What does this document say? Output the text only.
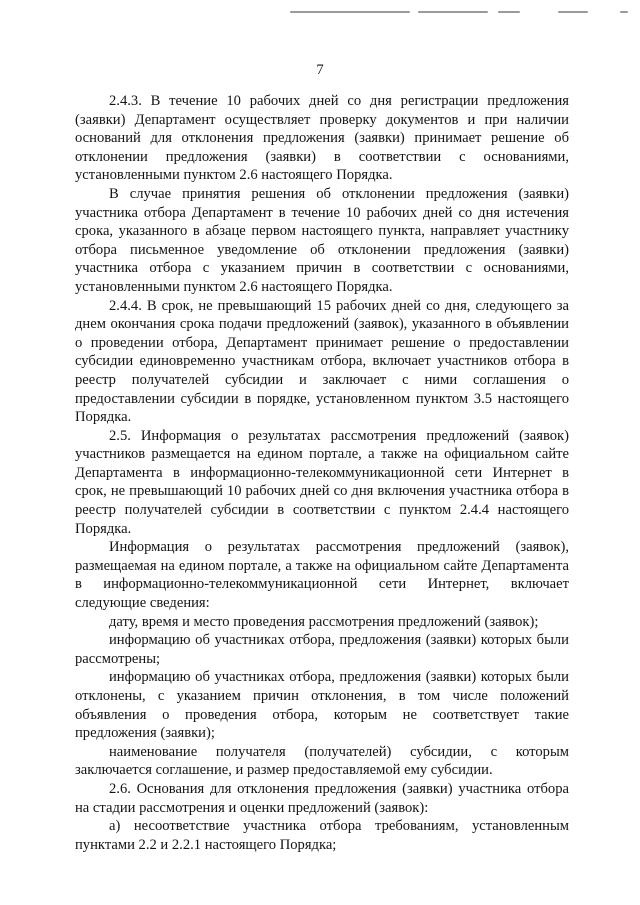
7

2.4.3. В течение 10 рабочих дней со дня регистрации предложения (заявки) Департамент осуществляет проверку документов и при наличии оснований для отклонения предложения (заявки) принимает решение об отклонении предложения (заявки) в соответствии с основаниями, установленными пунктом 2.6 настоящего Порядка.

В случае принятия решения об отклонении предложения (заявки) участника отбора Департамент в течение 10 рабочих дней со дня истечения срока, указанного в абзаце первом настоящего пункта, направляет участнику отбора письменное уведомление об отклонении предложения (заявки) участника отбора с указанием причин в соответствии с основаниями, установленными пунктом 2.6 настоящего Порядка.

2.4.4. В срок, не превышающий 15 рабочих дней со дня, следующего за днем окончания срока подачи предложений (заявок), указанного в объявлении о проведении отбора, Департамент принимает решение о предоставлении субсидии единовременно участникам отбора, включает участников отбора в реестр получателей субсидии и заключает с ними соглашения о предоставлении субсидии в порядке, установленном пунктом 3.5 настоящего Порядка.

2.5. Информация о результатах рассмотрения предложений (заявок) участников размещается на едином портале, а также на официальном сайте Департамента в информационно-телекоммуникационной сети Интернет в срок, не превышающий 10 рабочих дней со дня включения участника отбора в реестр получателей субсидии в соответствии с пунктом 2.4.4 настоящего Порядка.

Информация о результатах рассмотрения предложений (заявок), размещаемая на едином портале, а также на официальном сайте Департамента в информационно-телекоммуникационной сети Интернет, включает следующие сведения:

дату, время и место проведения рассмотрения предложений (заявок);

информацию об участниках отбора, предложения (заявки) которых были рассмотрены;

информацию об участниках отбора, предложения (заявки) которых были отклонены, с указанием причин отклонения, в том числе положений объявления о проведения отбора, которым не соответствует такие предложения (заявки);

наименование получателя (получателей) субсидии, с которым заключается соглашение, и размер предоставляемой ему субсидии.

2.6. Основания для отклонения предложения (заявки) участника отбора на стадии рассмотрения и оценки предложений (заявок):

а) несоответствие участника отбора требованиям, установленным пунктами 2.2 и 2.2.1 настоящего Порядка;
